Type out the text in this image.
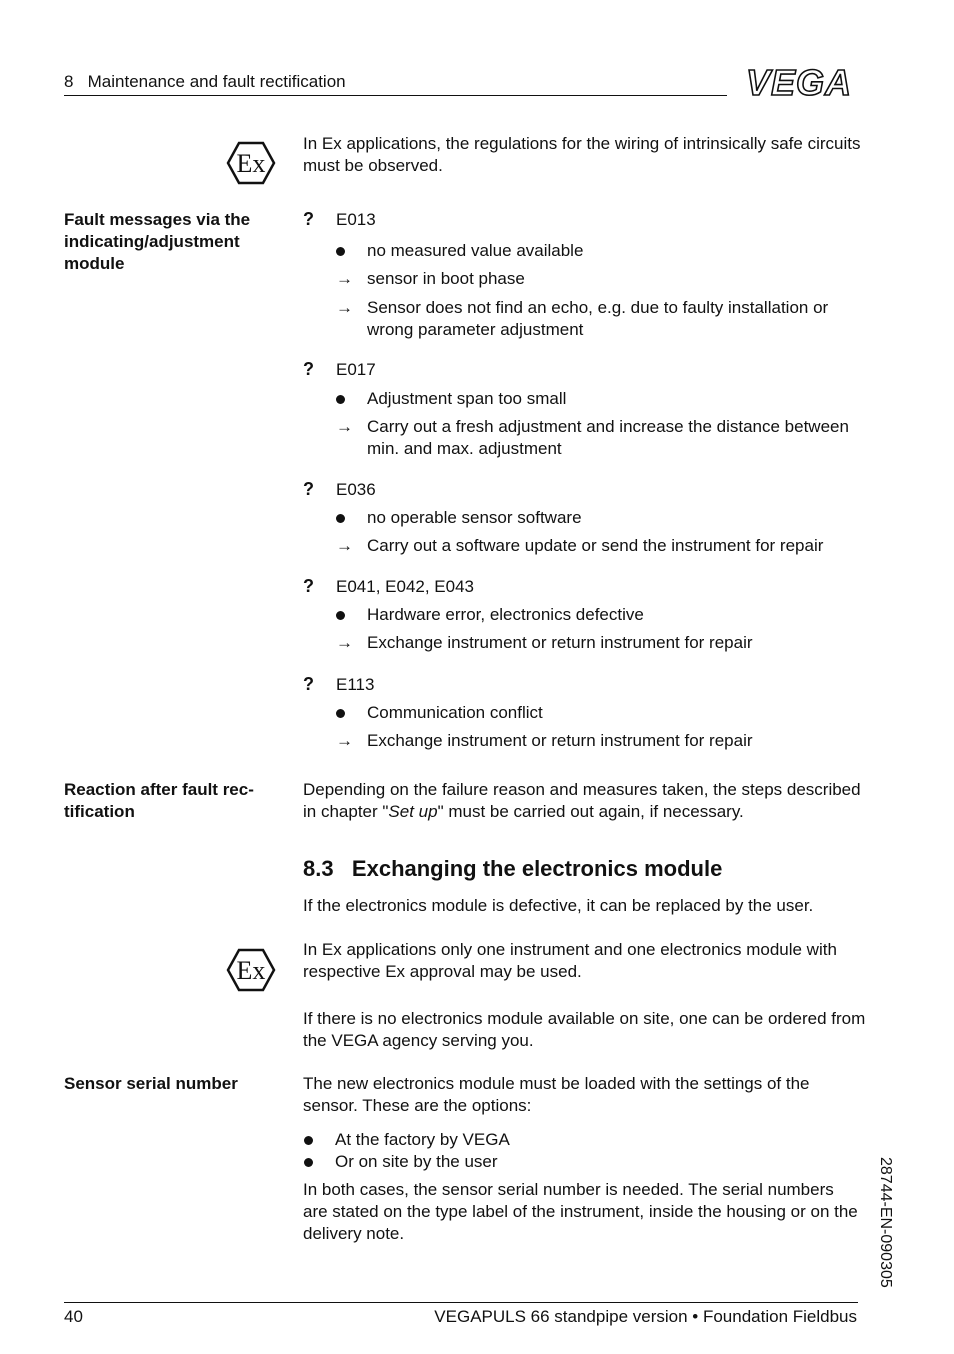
8   Maintenance and fault rectification	VEGA
Ex
In Ex applications, the regulations for the wiring of intrinsically safe circuits must be observed.
Fault messages via the indicating/adjustment module
? E013
no measured value available
→ sensor in boot phase
→ Sensor does not find an echo, e.g. due to faulty installation or wrong parameter adjustment
? E017
Adjustment span too small
→ Carry out a fresh adjustment and increase the distance between min. and max. adjustment
? E036
no operable sensor software
→ Carry out a software update or send the instrument for repair
? E041, E042, E043
Hardware error, electronics defective
→ Exchange instrument or return instrument for repair
? E113
Communication conflict
→ Exchange instrument or return instrument for repair
Reaction after fault rec-tification
Depending on the failure reason and measures taken, the steps described in chapter "Set up" must be carried out again, if necessary.
8.3   Exchanging the electronics module
If the electronics module is defective, it can be replaced by the user.
Ex
In Ex applications only one instrument and one electronics module with respective Ex approval may be used.
If there is no electronics module available on site, one can be ordered from the VEGA agency serving you.
Sensor serial number	The new electronics module must be loaded with the settings of the sensor. These are the options:
At the factory by VEGA
Or on site by the user
In both cases, the sensor serial number is needed. The serial numbers are stated on the type label of the instrument, inside the housing or on the delivery note.	28744-EN-090305
40	VEGAPULS 66 standpipe version • Foundation Fieldbus
